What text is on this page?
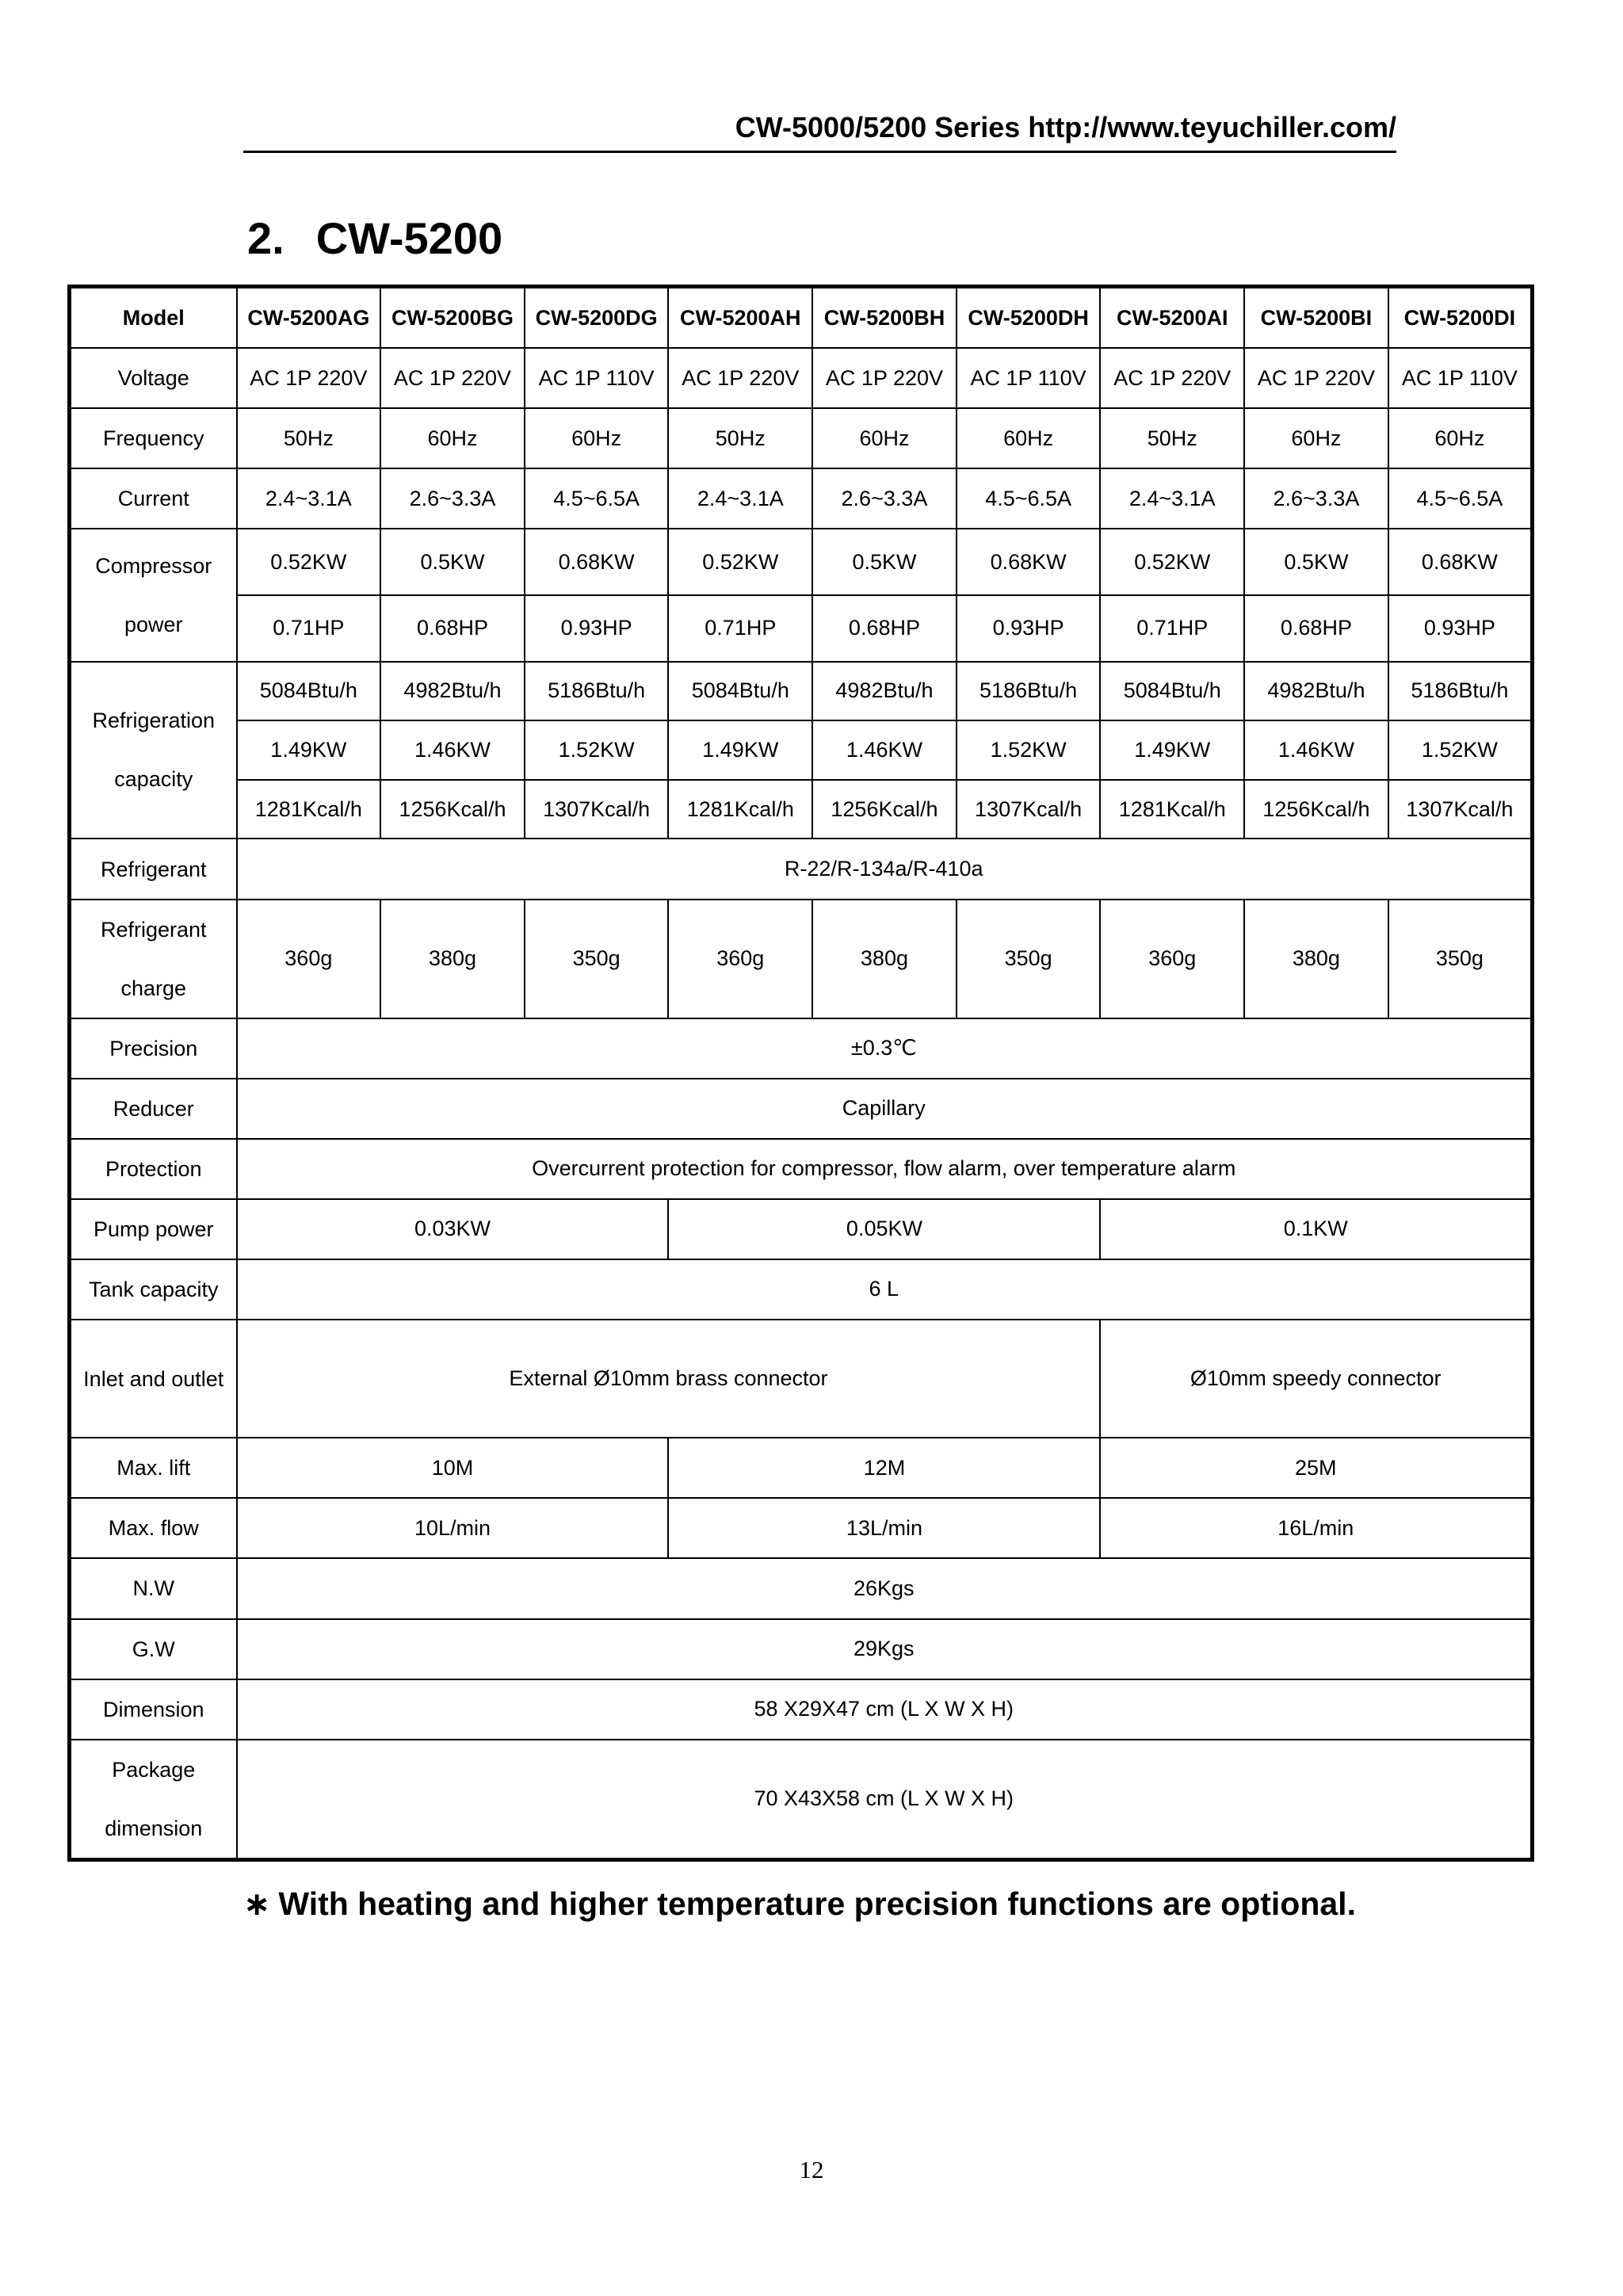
CW-5000/5200 Series http://www.teyuchiller.com/
2. CW-5200
Model	CW-5200AG	CW-5200BG	CW-5200DG	CW-5200AH	CW-5200BH	CW-5200DH	CW-5200AI	CW-5200BI	CW-5200DI
Voltage	AC 1P 220V	AC 1P 220V	AC 1P 110V	AC 1P 220V	AC 1P 220V	AC 1P 110V	AC 1P 220V	AC 1P 220V	AC 1P 110V
Frequency	50Hz	60Hz	60Hz	50Hz	60Hz	60Hz	50Hz	60Hz	60Hz
Current	2.4~3.1A	2.6~3.3A	4.5~6.5A	2.4~3.1A	2.6~3.3A	4.5~6.5A	2.4~3.1A	2.6~3.3A	4.5~6.5A
Compressor power	0.52KW	0.5KW	0.68KW	0.52KW	0.5KW	0.68KW	0.52KW	0.5KW	0.68KW
	0.71HP	0.68HP	0.93HP	0.71HP	0.68HP	0.93HP	0.71HP	0.68HP	0.93HP
Refrigeration capacity	5084Btu/h	4982Btu/h	5186Btu/h	5084Btu/h	4982Btu/h	5186Btu/h	5084Btu/h	4982Btu/h	5186Btu/h
	1.49KW	1.46KW	1.52KW	1.49KW	1.46KW	1.52KW	1.49KW	1.46KW	1.52KW
	1281Kcal/h	1256Kcal/h	1307Kcal/h	1281Kcal/h	1256Kcal/h	1307Kcal/h	1281Kcal/h	1256Kcal/h	1307Kcal/h
Refrigerant	R-22/R-134a/R-410a								
Refrigerant charge	360g	380g	350g	360g	380g	350g	360g	380g	350g
Precision	±0.3℃								
Reducer	Capillary								
Protection	Overcurrent protection for compressor, flow alarm, over temperature alarm								
Pump power	0.03KW			0.05KW			0.1KW		
Tank capacity	6 L								
Inlet and outlet	External Ø10mm brass connector						Ø10mm speedy connector		
Max. lift	10M			12M			25M		
Max. flow	10L/min			13L/min			16L/min		
N.W	26Kgs								
G.W	29Kgs								
Dimension	58 X29X47 cm (L X W X H)								
Package dimension	70 X43X58 cm (L X W X H)								
∗ With heating and higher temperature precision functions are optional.
12
